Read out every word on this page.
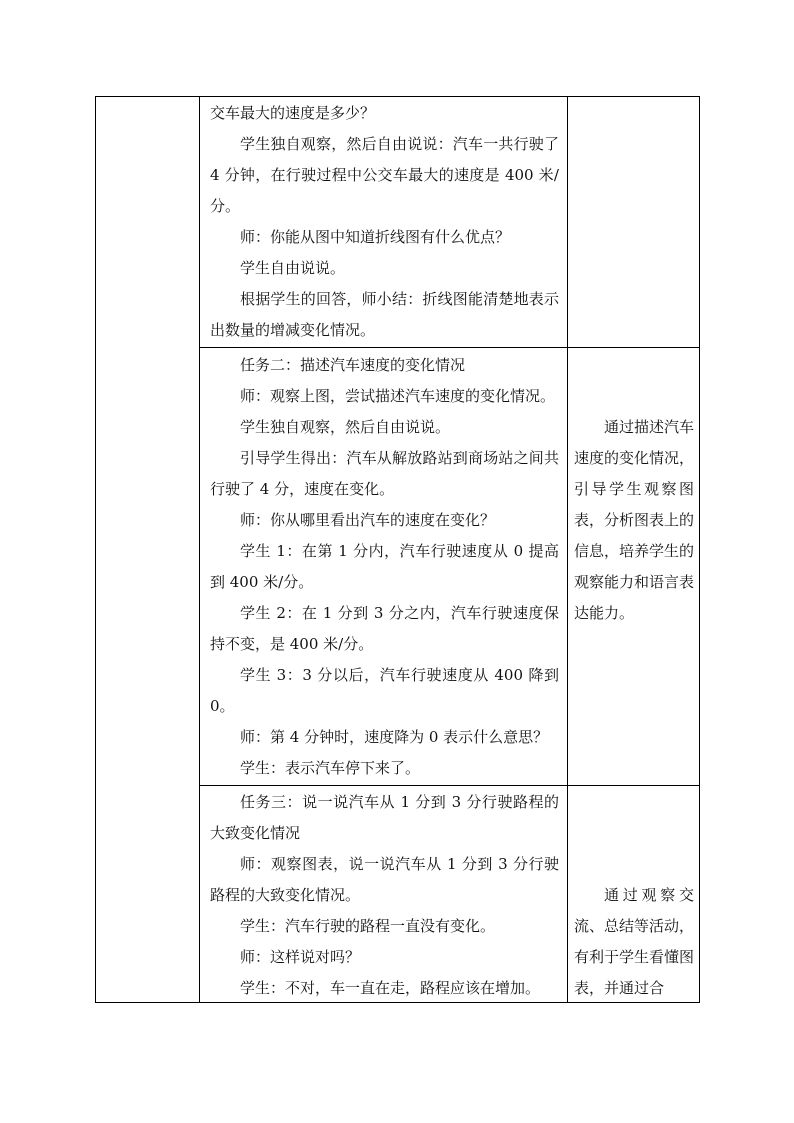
交车最大的速度是多少？

学生独自观察，然后自由说说：汽车一共行驶了 4 分钟，在行驶过程中公交车最大的速度是 400 米/分。

师：你能从图中知道折线图有什么优点？

学生自由说说。

根据学生的回答，师小结：折线图能清楚地表示出数量的增减变化情况。

任务二：描述汽车速度的变化情况

师：观察上图，尝试描述汽车速度的变化情况。

学生独自观察，然后自由说说。

引导学生得出：汽车从解放路站到商场站之间共行驶了 4 分，速度在变化。

师：你从哪里看出汽车的速度在变化？

学生 1：在第 1 分内，汽车行驶速度从 0 提高到 400 米/分。

学生 2：在 1 分到 3 分之内，汽车行驶速度保持不变，是 400 米/分。

学生 3：3 分以后，汽车行驶速度从 400 降到 0。

师：第 4 分钟时，速度降为 0 表示什么意思？

学生：表示汽车停下来了。

通过描述汽车速度的变化情况，引导学生观察图表，分析图表上的信息，培养学生的观察能力和语言表达能力。

任务三：说一说汽车从 1 分到 3 分行驶路程的大致变化情况

师：观察图表，说一说汽车从 1 分到 3 分行驶路程的大致变化情况。

学生：汽车行驶的路程一直没有变化。

师：这样说对吗？

学生：不对，车一直在走，路程应该在增加。

通过观察交流、总结等活动，有利于学生看懂图表，并通过合
